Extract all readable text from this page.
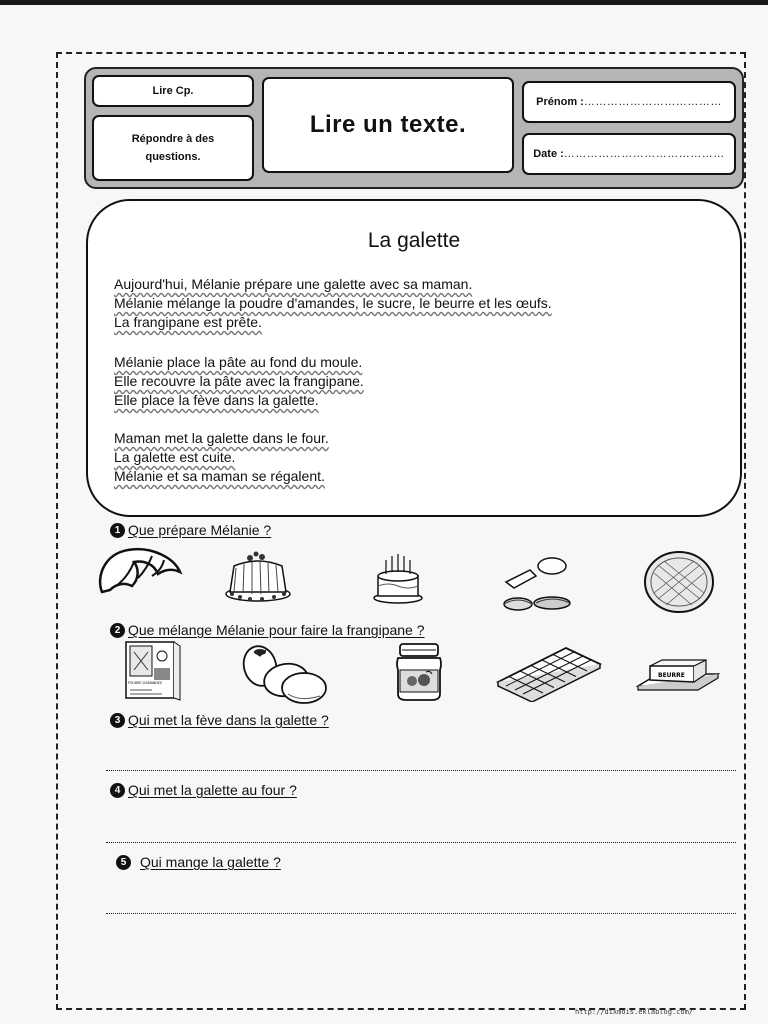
Lire Cp.
Répondre à des questions.
Lire un texte.
Prénom : ………………………………
Date : ……………………………………
La galette
Aujourd'hui, Mélanie prépare une galette avec sa maman.
Mélanie mélange la poudre d'amandes, le sucre, le beurre et les œufs.
La frangipane est prête.
Mélanie place la pâte au fond du moule.
Elle recouvre la pâte avec la frangipane.
Elle place la fève dans la galette.
Maman met la galette dans le four.
La galette est cuite.
Mélanie et sa maman se régalent.
1 Que prépare Mélanie ?
2 Que mélange Mélanie pour faire la frangipane ?
POUDRE D'AMANDES
BEURRE
3 Qui met la fève dans la galette ?
4 Qui met la galette au four ?
5 Qui mange la galette ?
http://dixmois.eklablog.com/
